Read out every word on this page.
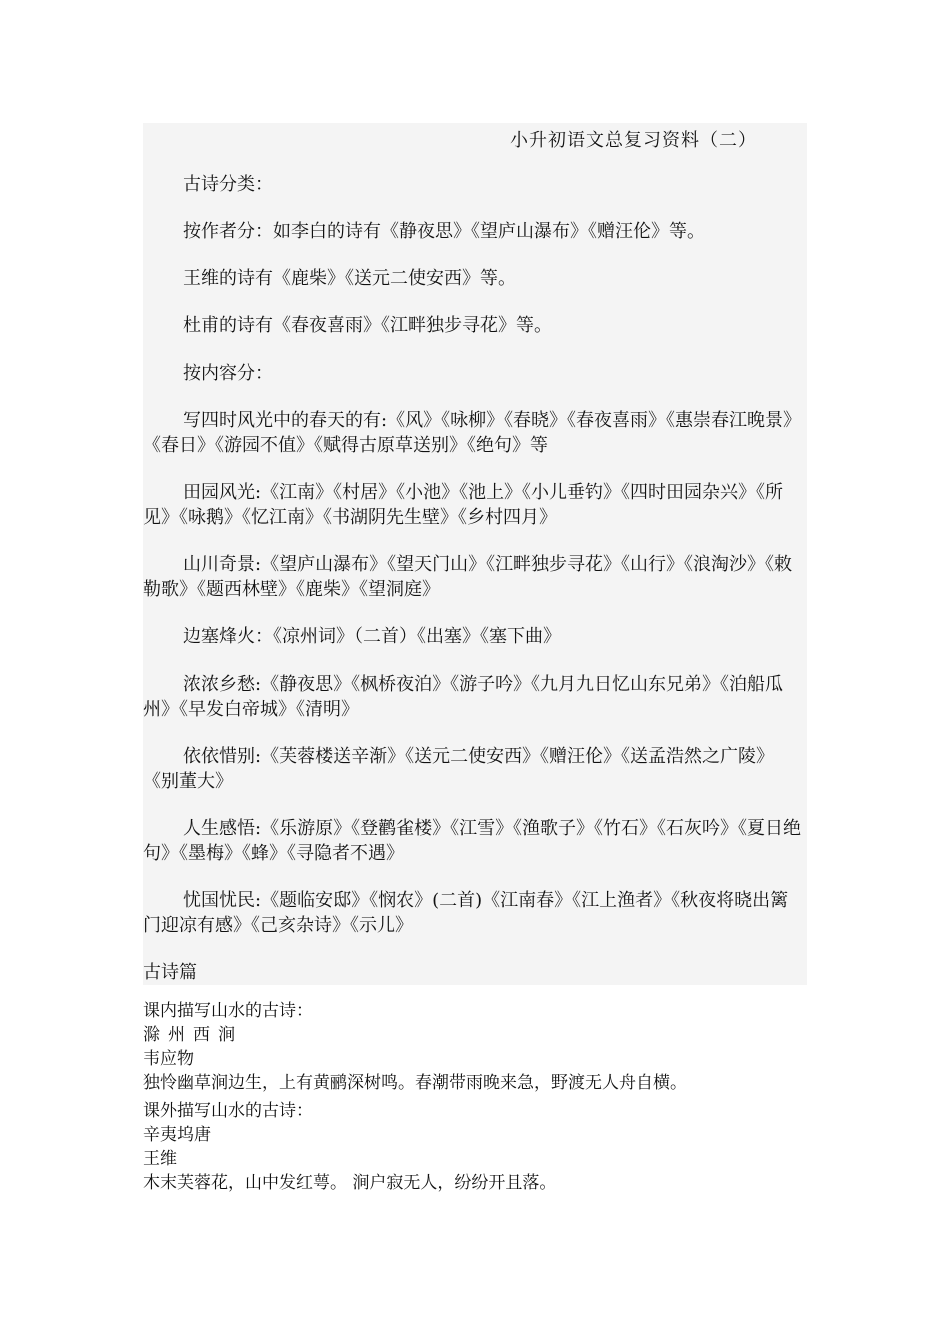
小升初语文总复习资料（二）

古诗分类：

按作者分：如李白的诗有《静夜思》《望庐山瀑布》《赠汪伦》等。

王维的诗有《鹿柴》《送元二使安西》等。

杜甫的诗有《春夜喜雨》《江畔独步寻花》等。

按内容分：

写四时风光中的春天的有:《风》《咏柳》《春晓》《春夜喜雨》《惠崇春江晚景》
《春日》《游园不值》《赋得古原草送别》《绝句》等

田园风光:《江南》《村居》《小池》《池上》《小儿垂钓》《四时田园杂兴》《所
见》《咏鹅》《忆江南》《书湖阴先生壁》《乡村四月》

山川奇景:《望庐山瀑布》《望天门山》《江畔独步寻花》《山行》《浪淘沙》《敕
勒歌》《题西林壁》《鹿柴》《望洞庭》

边塞烽火：《凉州词》（二首）《出塞》《塞下曲》

浓浓乡愁:《静夜思》《枫桥夜泊》《游子吟》《九月九日忆山东兄弟》《泊船瓜
州》《早发白帝城》《清明》

依依惜别:《芙蓉楼送辛渐》《送元二使安西》《赠汪伦》《送孟浩然之广陵》
《别董大》

人生感悟:《乐游原》《登鹳雀楼》《江雪》《渔歌子》《竹石》《石灰吟》《夏日绝
句》《墨梅》《蜂》《寻隐者不遇》

忧国忧民:《题临安邸》《悯农》(二首)《江南春》《江上渔者》《秋夜将晓出篱
门迎凉有感》《己亥杂诗》《示儿》

古诗篇

课内描写山水的古诗：

滁州西涧

韦应物

独怜幽草涧边生，上有黄鹂深树鸣。春潮带雨晚来急，野渡无人舟自横。

课外描写山水的古诗：

辛夷坞唐

王维

木末芙蓉花，山中发红萼。 涧户寂无人，纷纷开且落。
